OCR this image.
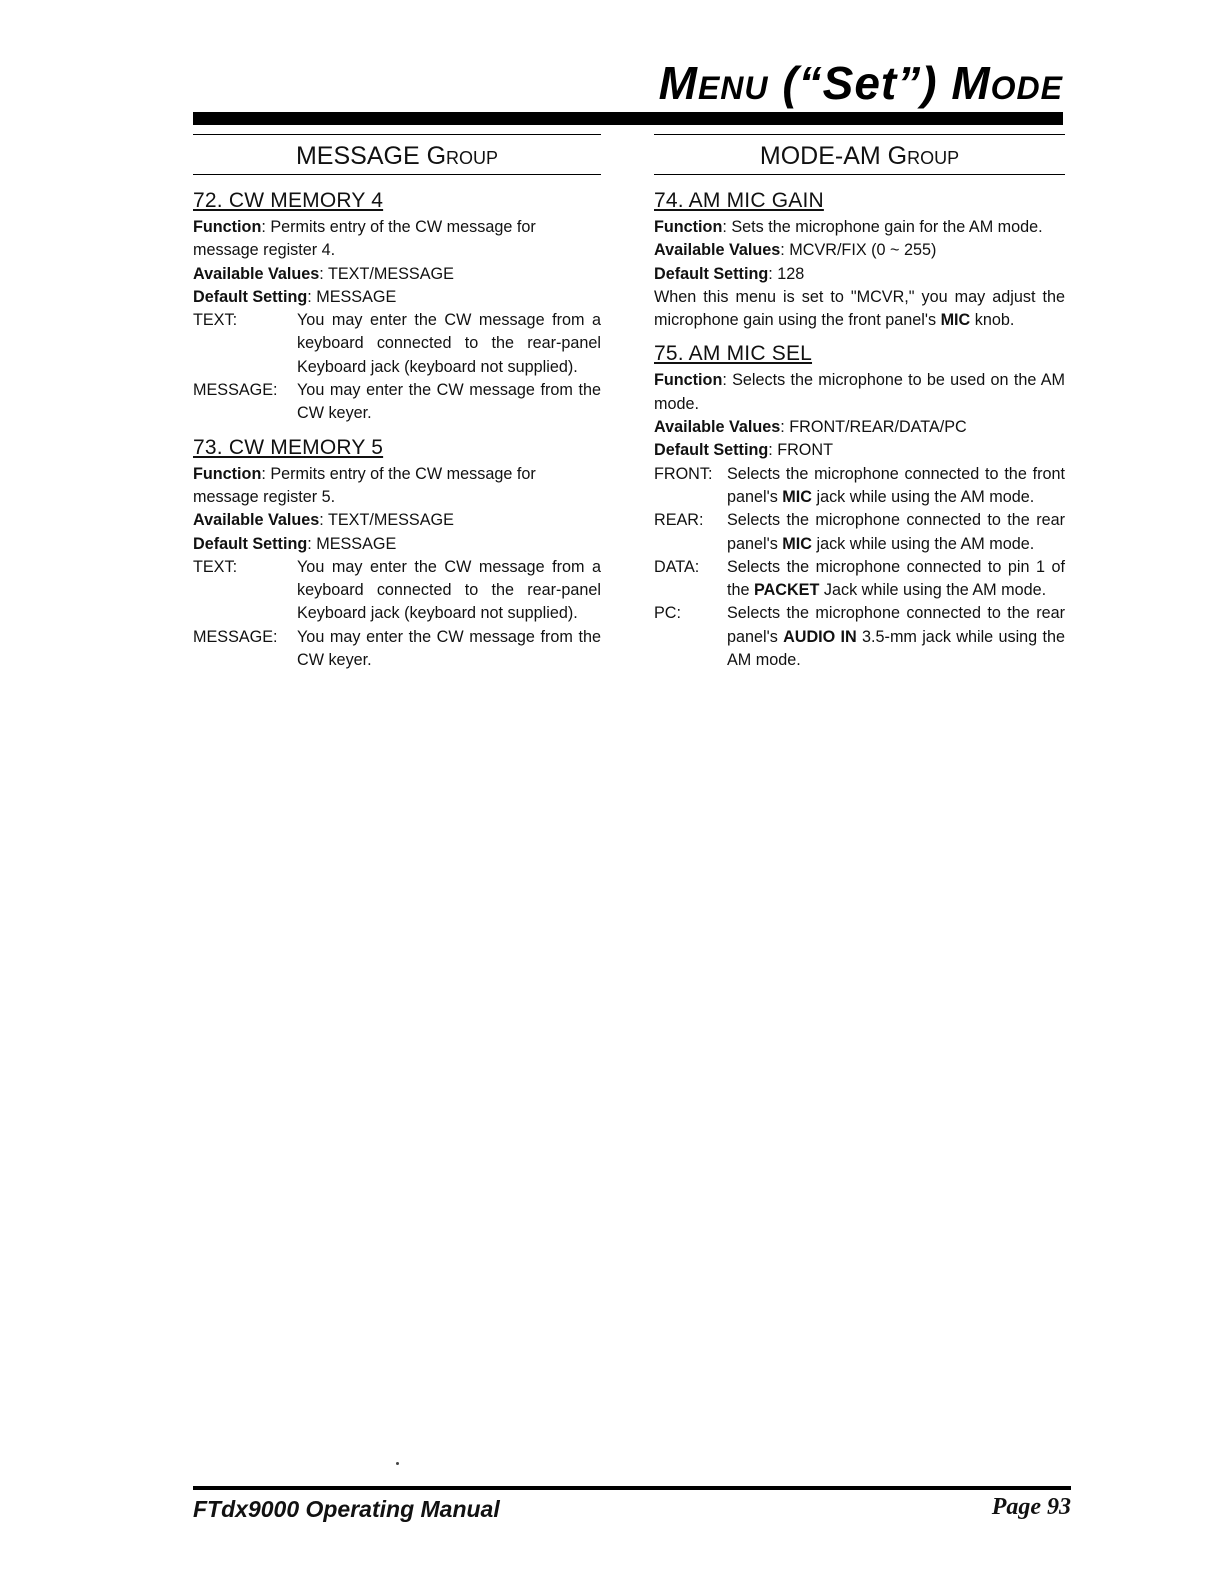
Menu (“Set”) Mode
MESSAGE Group
72. CW MEMORY 4

Function: Permits entry of the CW message for message register 4.

Available Values: TEXT/MESSAGE

Default Setting: MESSAGE

TEXT:	You may enter the CW message from a keyboard connected to the rear-panel Keyboard jack (keyboard not supplied).
MESSAGE:	You may enter the CW message from the CW keyer.
73. CW MEMORY 5

Function: Permits entry of the CW message for message register 5.

Available Values: TEXT/MESSAGE

Default Setting: MESSAGE

TEXT:	You may enter the CW message from a keyboard connected to the rear-panel Keyboard jack (keyboard not supplied).
MESSAGE:	You may enter the CW message from the CW keyer.
MODE-AM Group
74. AM MIC GAIN

Function: Sets the microphone gain for the AM mode.

Available Values: MCVR/FIX (0 ~ 255)

Default Setting: 128

When this menu is set to "MCVR," you may adjust the microphone gain using the front panel's MIC knob.

75. AM MIC SEL

Function: Selects the microphone to be used on the AM mode.

Available Values: FRONT/REAR/DATA/PC

Default Setting: FRONT

FRONT: Selects the microphone connected to the front panel's MIC jack while using the AM mode.
REAR:	Selects the microphone connected to the rear panel's MIC jack while using the AM mode.
DATA:	Selects the microphone connected to pin 1 of the PACKET Jack while using the AM mode.
PC:	Selects the microphone connected to the rear panel's AUDIO IN 3.5-mm jack while using the AM mode.
FTdx9000 Operating Manual	Page 93
